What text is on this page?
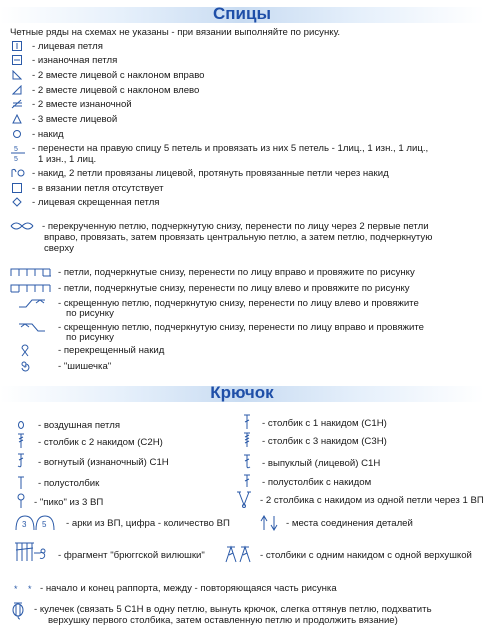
Спицы
Четные ряды на схемах не указаны - при вязании выполняйте по рисунку.
- лицевая петля
- изнаночная петля
- 2 вместе лицевой с наклоном вправо
- 2 вместе лицевой с наклоном влево
- 2 вместе изнаночной
- 3 вместе лицевой
- накид
5
5
- перенести на правую спицу 5 петель и провязать из них 5 петель - 1лиц., 1 изн., 1 лиц.,
1 изн., 1 лиц.
- накид, 2 петли провязаны лицевой, протянуть провязанные петли через накид
- в вязании петля отсутствует
- лицевая скрещенная петля
- перекрученную петлю, подчеркнутую снизу, перенести по лицу через 2 первые петли
вправо, провязать, затем провязать центральную петлю, а затем петлю, подчеркнутую
сверху
- петли, подчеркнутые снизу, перенести по лицу вправо и провяжите по рисунку
- петли, подчеркнутые снизу, перенести по лицу влево и провяжите по рисунку
- скрещенную петлю, подчеркнутую снизу, перенести по лицу влево и провяжите
по рисунку
- скрещенную петлю, подчеркнутую снизу, перенести по лицу вправо и провяжите
по рисунку
- перекрещенный накид
- "шишечка"
Крючок
- воздушная петля
- столбик с 2 накидом (С2Н)
- вогнутый (изнаночный) С1Н
- полустолбик
- "пико" из 3 ВП
- столбик с 1 накидом (С1Н)
- столбик с 3 накидом (С3Н)
- выпуклый (лицевой) С1Н
- полустолбик с накидом
- 2 столбика с накидом из одной петли через 1 ВП
3 5 - арки из ВП, цифра - количество ВП	- места соединения деталей
- фрагмент "брюггской вилюшки"	- столбики с одним накидом с одной верхушкой
* * - начало и конец раппорта, между - повторяющаяся часть рисунка
- кулечек (связать 5 С1Н в одну петлю, вынуть крючок, слегка оттянув петлю, подхватить
верхушку первого столбика, затем оставленную петлю и продолжить вязание)
